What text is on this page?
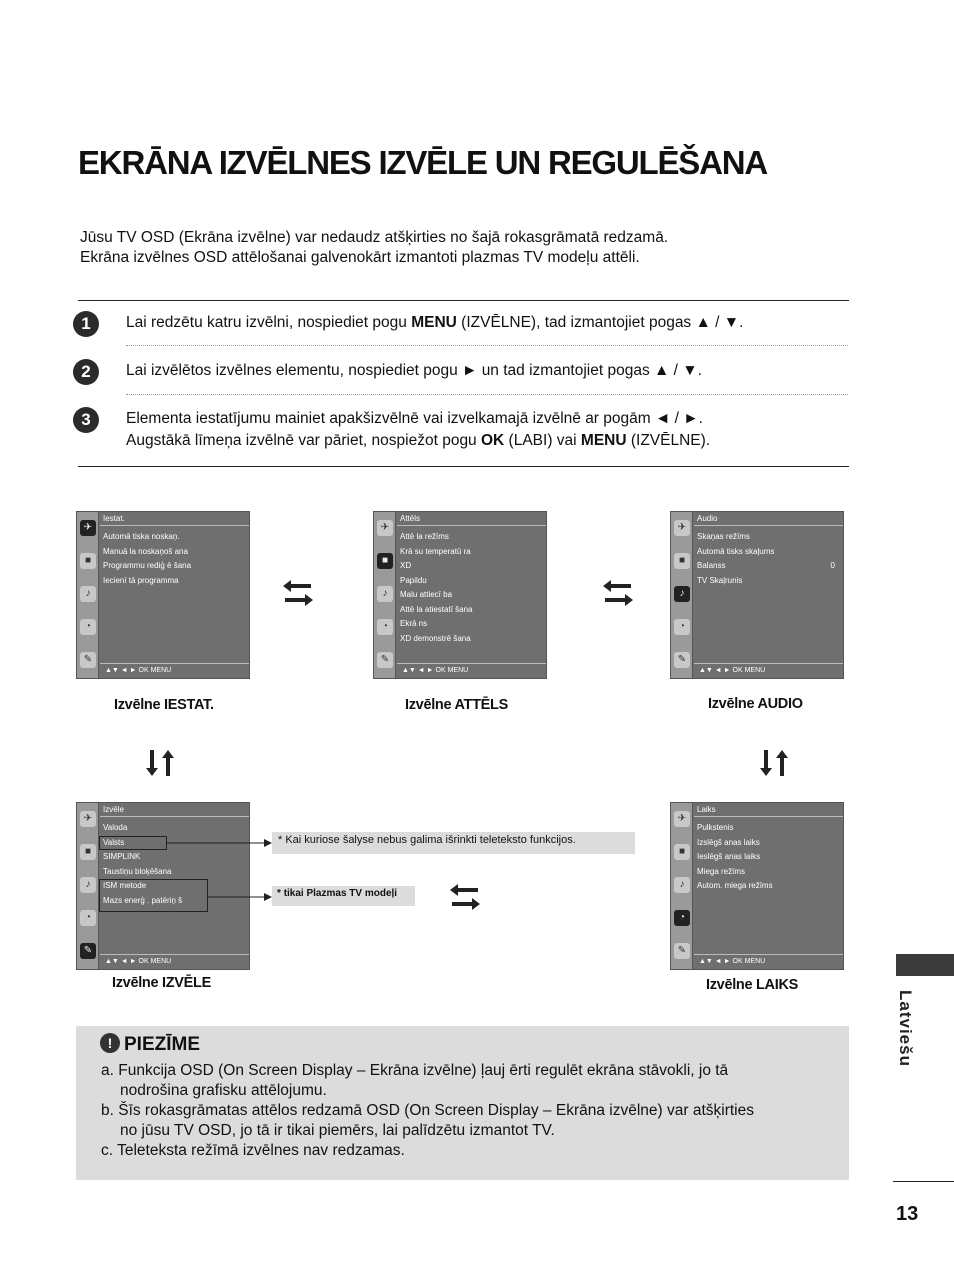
EKRĀNA IZVĒLNES IZVĒLE UN REGULĒŠANA
Jūsu TV OSD (Ekrāna izvēlne) var nedaudz atšķirties no šajā rokasgrāmatā redzamā.
Ekrāna izvēlnes OSD attēlošanai galvenokārt izmantoti plazmas TV modeļu attēli.
1	Lai redzētu katru izvēlni, nospiediet pogu MENU (IZVĒLNE), tad izmantojiet pogas ▲ / ▼.
2	Lai izvēlētos izvēlnes elementu, nospiediet pogu ► un tad izmantojiet pogas ▲ / ▼.
3	Elementa iestatījumu mainiet apakšizvēlnē vai izvelkamajā izvēlnē ar pogām ◄ / ►.
Augstākā līmeņa izvēlnē var pāriet, nospiežot pogu OK (LABI) vai MENU (IZVĒLNE).
✈
■
♪
◔
✎
Iestat.
Automā tiska noskaņ.
Manuā la noskaņoš ana
Programmu rediģ ē šana
Iecienī tā programma
▲▼ ◄ ► OK MENU
Izvēlne IESTAT.
✈
■
♪
◔
✎
Attēls
Attē la režīms
Krā su temperatū ra
XD
Papildu
Malu attiecī ba
Attē la atiestatī šana
Ekrā ns
XD demonstrē šana
▲▼ ◄ ► OK MENU
Izvēlne ATTĒLS
✈
■
♪
◔
✎
Audio
Skaņas režīms
Automā tisks skaļums
Balanss	0
TV Skaļrunis
▲▼ ◄ ► OK MENU
Izvēlne AUDIO
✈
■
♪
◔
✎
Izvēle
Valoda
Valsts
SIMPLINK
Taustiņu bloķēšana
ISM metode
Mazs enerģ . patēriņ š
▲▼ ◄ ► OK MENU
Izvēlne IZVĒLE
* Kai kuriose šalyse nebus galima išrinkti teleteksto funkcijos.
* tikai Plazmas TV modeļi
✈
■
♪
◔
✎
Laiks
Pulkstenis
Izslēgš anas laiks
Ieslēgš anas laiks
Miega režīms
Autom. miega režīms
▲▼ ◄ ► OK MENU
Izvēlne LAIKS
Latviešu
! PIEZĪME
a. Funkcija OSD (On Screen Display – Ekrāna izvēlne) ļauj ērti regulēt ekrāna stāvokli, jo tā
nodrošina grafisku attēlojumu.
b. Šīs rokasgrāmatas attēlos redzamā OSD (On Screen Display – Ekrāna izvēlne) var atšķirties
no jūsu TV OSD, jo tā ir tikai piemērs, lai palīdzētu izmantot TV.
c. Teleteksta režīmā izvēlnes nav redzamas.
13
